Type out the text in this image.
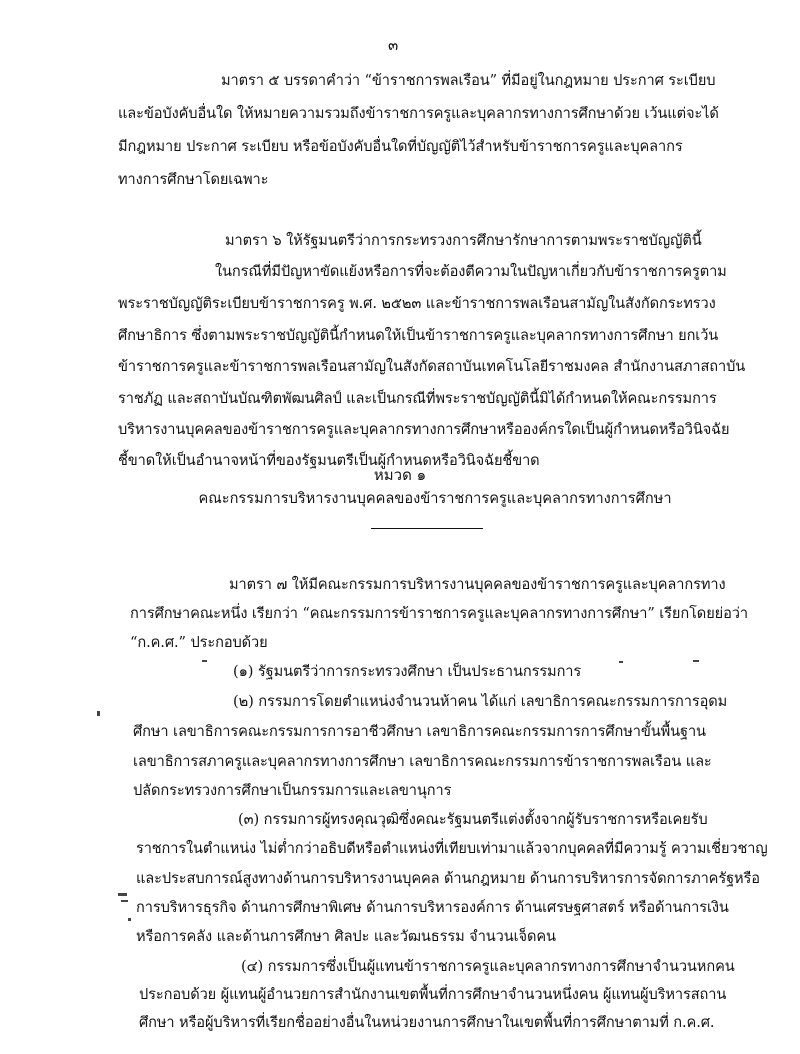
๓

มาตรา ๕ บรรดาคำว่า “ข้าราชการพลเรือน” ที่มีอยู่ในกฎหมาย ประกาศ ระเบียบ

และข้อบังคับอื่นใด ให้หมายความรวมถึงข้าราชการครูและบุคลากรทางการศึกษาด้วย เว้นแต่จะได้

มีกฎหมาย ประกาศ ระเบียบ หรือข้อบังคับอื่นใดที่บัญญัติไว้สำหรับข้าราชการครูและบุคลากร

ทางการศึกษาโดยเฉพาะ

มาตรา ๖ ให้รัฐมนตรีว่าการกระทรวงการศึกษารักษาการตามพระราชบัญญัตินี้

ในกรณีที่มีปัญหาขัดแย้งหรือการที่จะต้องตีความในปัญหาเกี่ยวกับข้าราชการครูตาม

พระราชบัญญัติระเบียบข้าราชการครู พ.ศ. ๒๕๒๓ และข้าราชการพลเรือนสามัญในสังกัดกระทรวง

ศึกษาธิการ ซึ่งตามพระราชบัญญัตินี้กำหนดให้เป็นข้าราชการครูและบุคลากรทางการศึกษา ยกเว้น

ข้าราชการครูและข้าราชการพลเรือนสามัญในสังกัดสถาบันเทคโนโลยีราชมงคล สำนักงานสภาสถาบัน

ราชภัฏ และสถาบันบัณฑิตพัฒนศิลป์ และเป็นกรณีที่พระราชบัญญัตินี้มิได้กำหนดให้คณะกรรมการ

บริหารงานบุคคลของข้าราชการครูและบุคลากรทางการศึกษาหรือองค์กรใดเป็นผู้กำหนดหรือวินิจฉัย

ชี้ขาดให้เป็นอำนาจหน้าที่ของรัฐมนตรีเป็นผู้กำหนดหรือวินิจฉัยชี้ขาด

หมวด ๑
คณะกรรมการบริหารงานบุคคลของข้าราชการครูและบุคลากรทางการศึกษา

มาตรา ๗ ให้มีคณะกรรมการบริหารงานบุคคลของข้าราชการครูและบุคลากรทาง

การศึกษาคณะหนึ่ง เรียกว่า “คณะกรรมการข้าราชการครูและบุคลากรทางการศึกษา” เรียกโดยย่อว่า

“ก.ค.ศ.” ประกอบด้วย

(๑) รัฐมนตรีว่าการกระทรวงศึกษา เป็นประธานกรรมการ

(๒) กรรมการโดยตำแหน่งจำนวนห้าคน ได้แก่ เลขาธิการคณะกรรมการการอุดม

ศึกษา เลขาธิการคณะกรรมการการอาชีวศึกษา เลขาธิการคณะกรรมการการศึกษาขั้นพื้นฐาน

เลขาธิการสภาครูและบุคลากรทางการศึกษา เลขาธิการคณะกรรมการข้าราชการพลเรือน และ

ปลัดกระทรวงการศึกษาเป็นกรรมการและเลขานุการ

(๓) กรรมการผู้ทรงคุณวุฒิซึ่งคณะรัฐมนตรีแต่งตั้งจากผู้รับราชการหรือเคยรับ

ราชการในตำแหน่ง ไม่ต่ำกว่าอธิบดีหรือตำแหน่งที่เทียบเท่ามาแล้วจากบุคคลที่มีความรู้ ความเชี่ยวชาญ

และประสบการณ์สูงทางด้านการบริหารงานบุคคล ด้านกฎหมาย ด้านการบริหารการจัดการภาครัฐหรือ

การบริหารธุรกิจ ด้านการศึกษาพิเศษ ด้านการบริหารองค์การ ด้านเศรษฐศาสตร์ หรือด้านการเงิน

หรือการคลัง และด้านการศึกษา ศิลปะ และวัฒนธรรม จำนวนเจ็ดคน

(๔) กรรมการซึ่งเป็นผู้แทนข้าราชการครูและบุคลากรทางการศึกษาจำนวนหกคน

ประกอบด้วย ผู้แทนผู้อำนวยการสำนักงานเขตพื้นที่การศึกษาจำนวนหนึ่งคน ผู้แทนผู้บริหารสถาน

ศึกษา หรือผู้บริหารที่เรียกชื่ออย่างอื่นในหน่วยงานการศึกษาในเขตพื้นที่การศึกษาตามที่ ก.ค.ศ.
